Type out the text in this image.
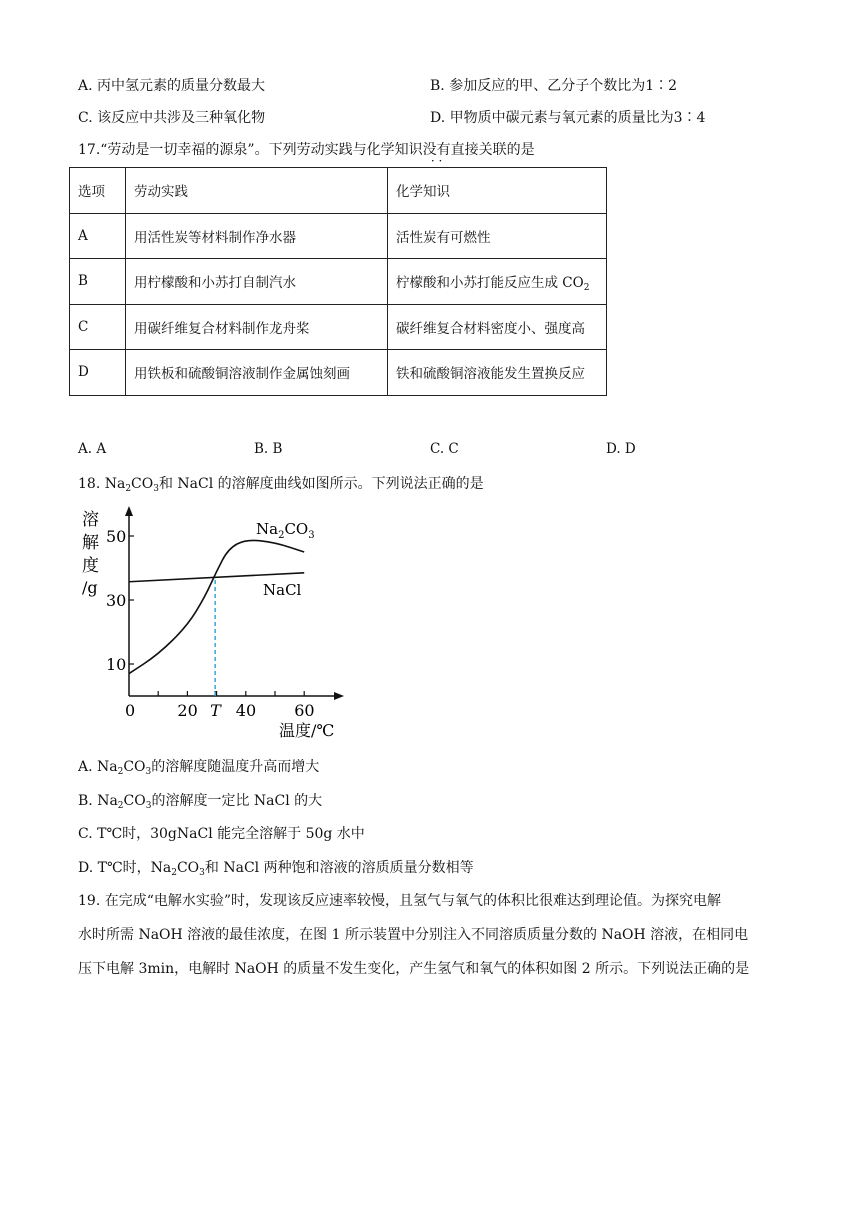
A. 丙中氢元素的质量分数最大	B. 参加反应的甲、乙分子个数比为1∶2
C. 该反应中共涉及三种氧化物	D. 甲物质中碳元素与氧元素的质量比为3∶4
17.“劳动是一切幸福的源泉”。下列劳动实践与化学知识没有
· ·
直接关联的是
选项	劳动实践	化学知识
A	用活性炭等材料制作净水器	活性炭有可燃性
B	用柠檬酸和小苏打自制汽水	柠檬酸和小苏打能反应生成 $CO_2$
C	用碳纤维复合材料制作龙舟桨	碳纤维复合材料密度小、强度高
D	用铁板和硫酸铜溶液制作金属蚀刻画	铁和硫酸铜溶液能发生置换反应
A. A	B. B	C. C	D. D
18. $Na_2CO_3$和 NaCl 的溶解度曲线如图所示。下列说法正确的是
溶
解
度
/g
10
30
50
0	20 T 40 60
$Na_2CO_3$
NaCl
温度/℃
A. $Na_2CO_3$的溶解度随温度升高而增大
B. $Na_2CO_3$的溶解度一定比 NaCl 的大
C. T℃时，30gNaCl 能完全溶解于 50g 水中
D. T℃时，$Na_2CO_3$和 NaCl 两种饱和溶液的溶质质量分数相等
19. 在完成“电解水实验”时，发现该反应速率较慢，且氢气与氧气的体积比很难达到理论值。为探究电解
水时所需 NaOH 溶液的最佳浓度，在图 1 所示装置中分别注入不同溶质质量分数的 NaOH 溶液，在相同电
压下电解 3min，电解时 NaOH 的质量不发生变化，产生氢气和氧气的体积如图 2 所示。下列说法正确的是
